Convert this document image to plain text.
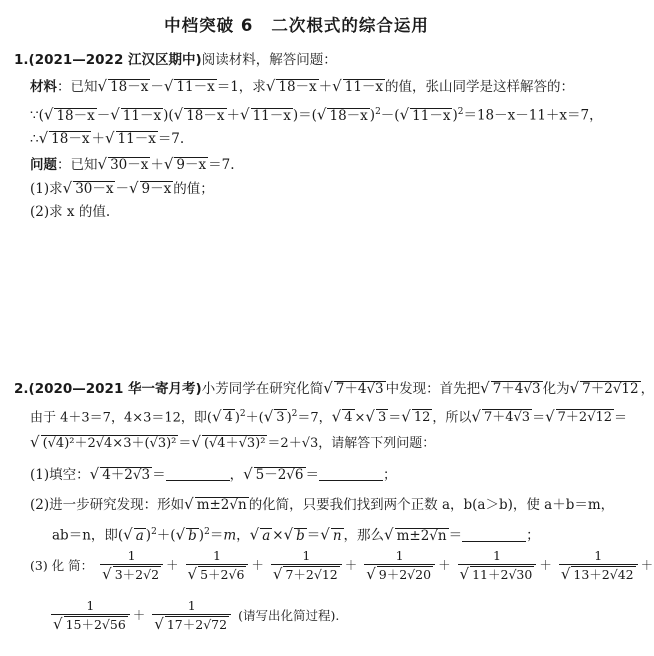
中档突破 6 二次根式的综合运用
1.(2021—2022 江汉区期中)阅读材料，解答问题：
材料：已知√ 18－x －√ 11－x ＝1，求√ 18－x ＋√ 11－x 的值，张山同学是这样解答的：
∵(√ 18－x －√ 11－x )(√ 18－x ＋√ 11－x )＝(√ 18－x )$^2$－(√ 11－x )$^2$＝18－x－11＋x＝7，
∴√ 18－x ＋√ 11－x ＝7.
问题：已知√ 30－x ＋√ 9－x ＝7.
(1)求√ 30－x －√ 9－x 的值；
(2)求 x 的值.
2.(2020—2021 华一寄月考)小芳同学在研究化简√ 7＋4√3 中发现：首先把√ 7＋4√3 化为√ 7＋2√12 ，
由于 4＋3＝7，4×3＝12，即(√ 4 )$^2$＋(√ 3 )$^2$＝7，√ 4 ×√ 3 ＝√ 12 ，所以√ 7＋4√3 ＝√ 7＋2√12 ＝
√ (√4)²＋2√4×3＋(√3)² ＝√ (√4＋√3)² ＝2＋√3，请解答下列问题：
(1)填空：√ 4＋2√3 ＝	，√ 5－2√6 ＝	；
(2)进一步研究发现：形如√ m±2√n 的化简，只要我们找到两个正数 a，b(a＞b)，使 a＋b＝m，
ab＝n，即(√ a )$^2$＋(√ b )$^2$＝m，√ a ×√ b ＝√ n ，那么√ m±2√n ＝	；
(3) 化 简： $\frac{1}{√ 3+2√2} + \frac{1}{√ 5+2√6} + \frac{1}{√ 7+2√12} + \frac{1}{√ 9+2√20} + \frac{1}{√ 11+2√30} + \frac{1}{√ 13+2√42}$ ＋
$\frac{1}{√ 15+2√56} + \frac{1}{√ 17+2√72}$ (请写出化简过程).
